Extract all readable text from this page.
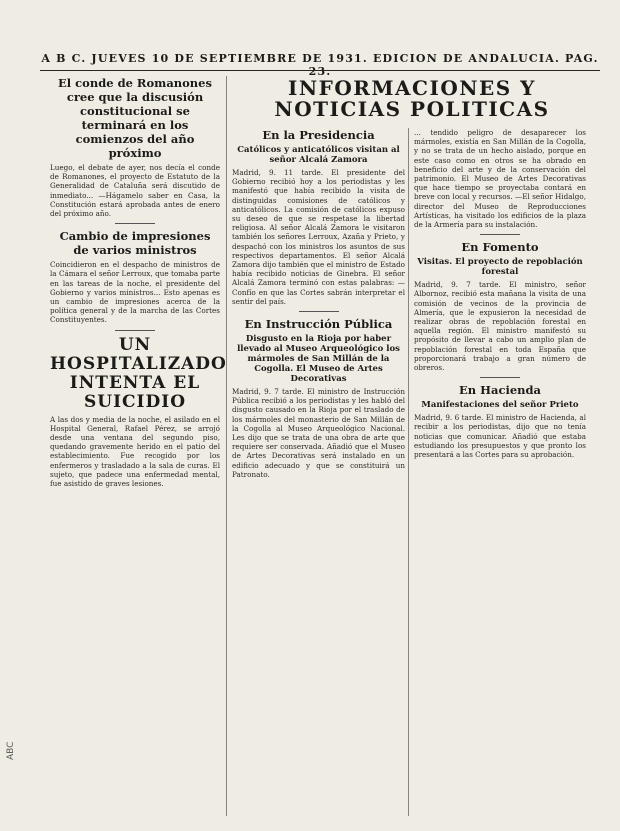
A B C. JUEVES 10 DE SEPTIEMBRE DE 1931. EDICION DE ANDALUCIA. PAG. 23.
ABC
El conde de Romanones cree que la discusión constitucional se terminará en los comienzos del año próximo

Luego, el debate de ayer, nos decía el conde de Romanones, el proyecto de Estatuto de la Generalidad de Cataluña será discutido de inmediato... —Hágamelo saber en Casa, la Constitución estará aprobada antes de enero del próximo año.

Cambio de impresiones de varios ministros

Coincidieron en el despacho de ministros de la Cámara el señor Lerroux, que tomaba parte en las tareas de la noche, el presidente del Gobierno y varios ministros... Esto apenas es un cambio de impresiones acerca de la política general y de la marcha de las Cortes Constituyentes.

UN HOSPITALIZADO INTENTA EL SUICIDIO

A las dos y media de la noche, el asilado en el Hospital General, Rafael Pérez, se arrojó desde una ventana del segundo piso, quedando gravemente herido en el patio del establecimiento. Fue recogido por los enfermeros y trasladado a la sala de curas. El sujeto, que padece una enfermedad mental, fue asistido de graves lesiones.

INFORMACIONES Y NOTICIAS POLITICAS
En la Presidencia
Católicos y anticatólicos visitan al señor Alcalá Zamora

Madrid, 9. 11 tarde. El presidente del Gobierno recibió hoy a los periodistas y les manifestó que había recibido la visita de distinguidas comisiones de católicos y anticatólicos. La comisión de católicos expuso su deseo de que se respetase la libertad religiosa. Al señor Alcalá Zamora le visitaron también los señores Lerroux, Azaña y Prieto, y despachó con los ministros los asuntos de sus respectivos departamentos. El señor Alcalá Zamora dijo también que el ministro de Estado había recibido noticias de Ginebra. El señor Alcalá Zamora terminó con estas palabras: —Confío en que las Cortes sabrán interpretar el sentir del país.

En Instrucción Pública
Disgusto en la Rioja por haber llevado al Museo Arqueológico los mármoles de San Millán de la Cogolla. El Museo de Artes Decorativas

Madrid, 9. 7 tarde. El ministro de Instrucción Pública recibió a los periodistas y les habló del disgusto causado en la Rioja por el traslado de los mármoles del monasterio de San Millán de la Cogolla al Museo Arqueológico Nacional. Les dijo que se trata de una obra de arte que requiere ser conservada. Añadió que el Museo de Artes Decorativas será instalado en un edificio adecuado y que se constituirá un Patronato.

... tendido peligro de desaparecer los mármoles, existía en San Millán de la Cogolla, y no se trata de un hecho aislado, porque en este caso como en otros se ha obrado en beneficio del arte y de la conservación del patrimonio. El Museo de Artes Decorativas que hace tiempo se proyectaba contará en breve con local y recursos. —El señor Hidalgo, director del Museo de Reproducciones Artísticas, ha visitado los edificios de la plaza de la Armería para su instalación.

En Fomento
Visitas. El proyecto de repoblación forestal

Madrid, 9. 7 tarde. El ministro, señor Albornoz, recibió esta mañana la visita de una comisión de vecinos de la provincia de Almería, que le expusieron la necesidad de realizar obras de repoblación forestal en aquella región. El ministro manifestó su propósito de llevar a cabo un amplio plan de repoblación forestal en toda España que proporcionará trabajo a gran número de obreros.

En Hacienda
Manifestaciones del señor Prieto

Madrid, 9. 6 tarde. El ministro de Hacienda, al recibir a los periodistas, dijo que no tenía noticias que comunicar. Añadió que estaba estudiando los presupuestos y que pronto los presentará a las Cortes para su aprobación.
